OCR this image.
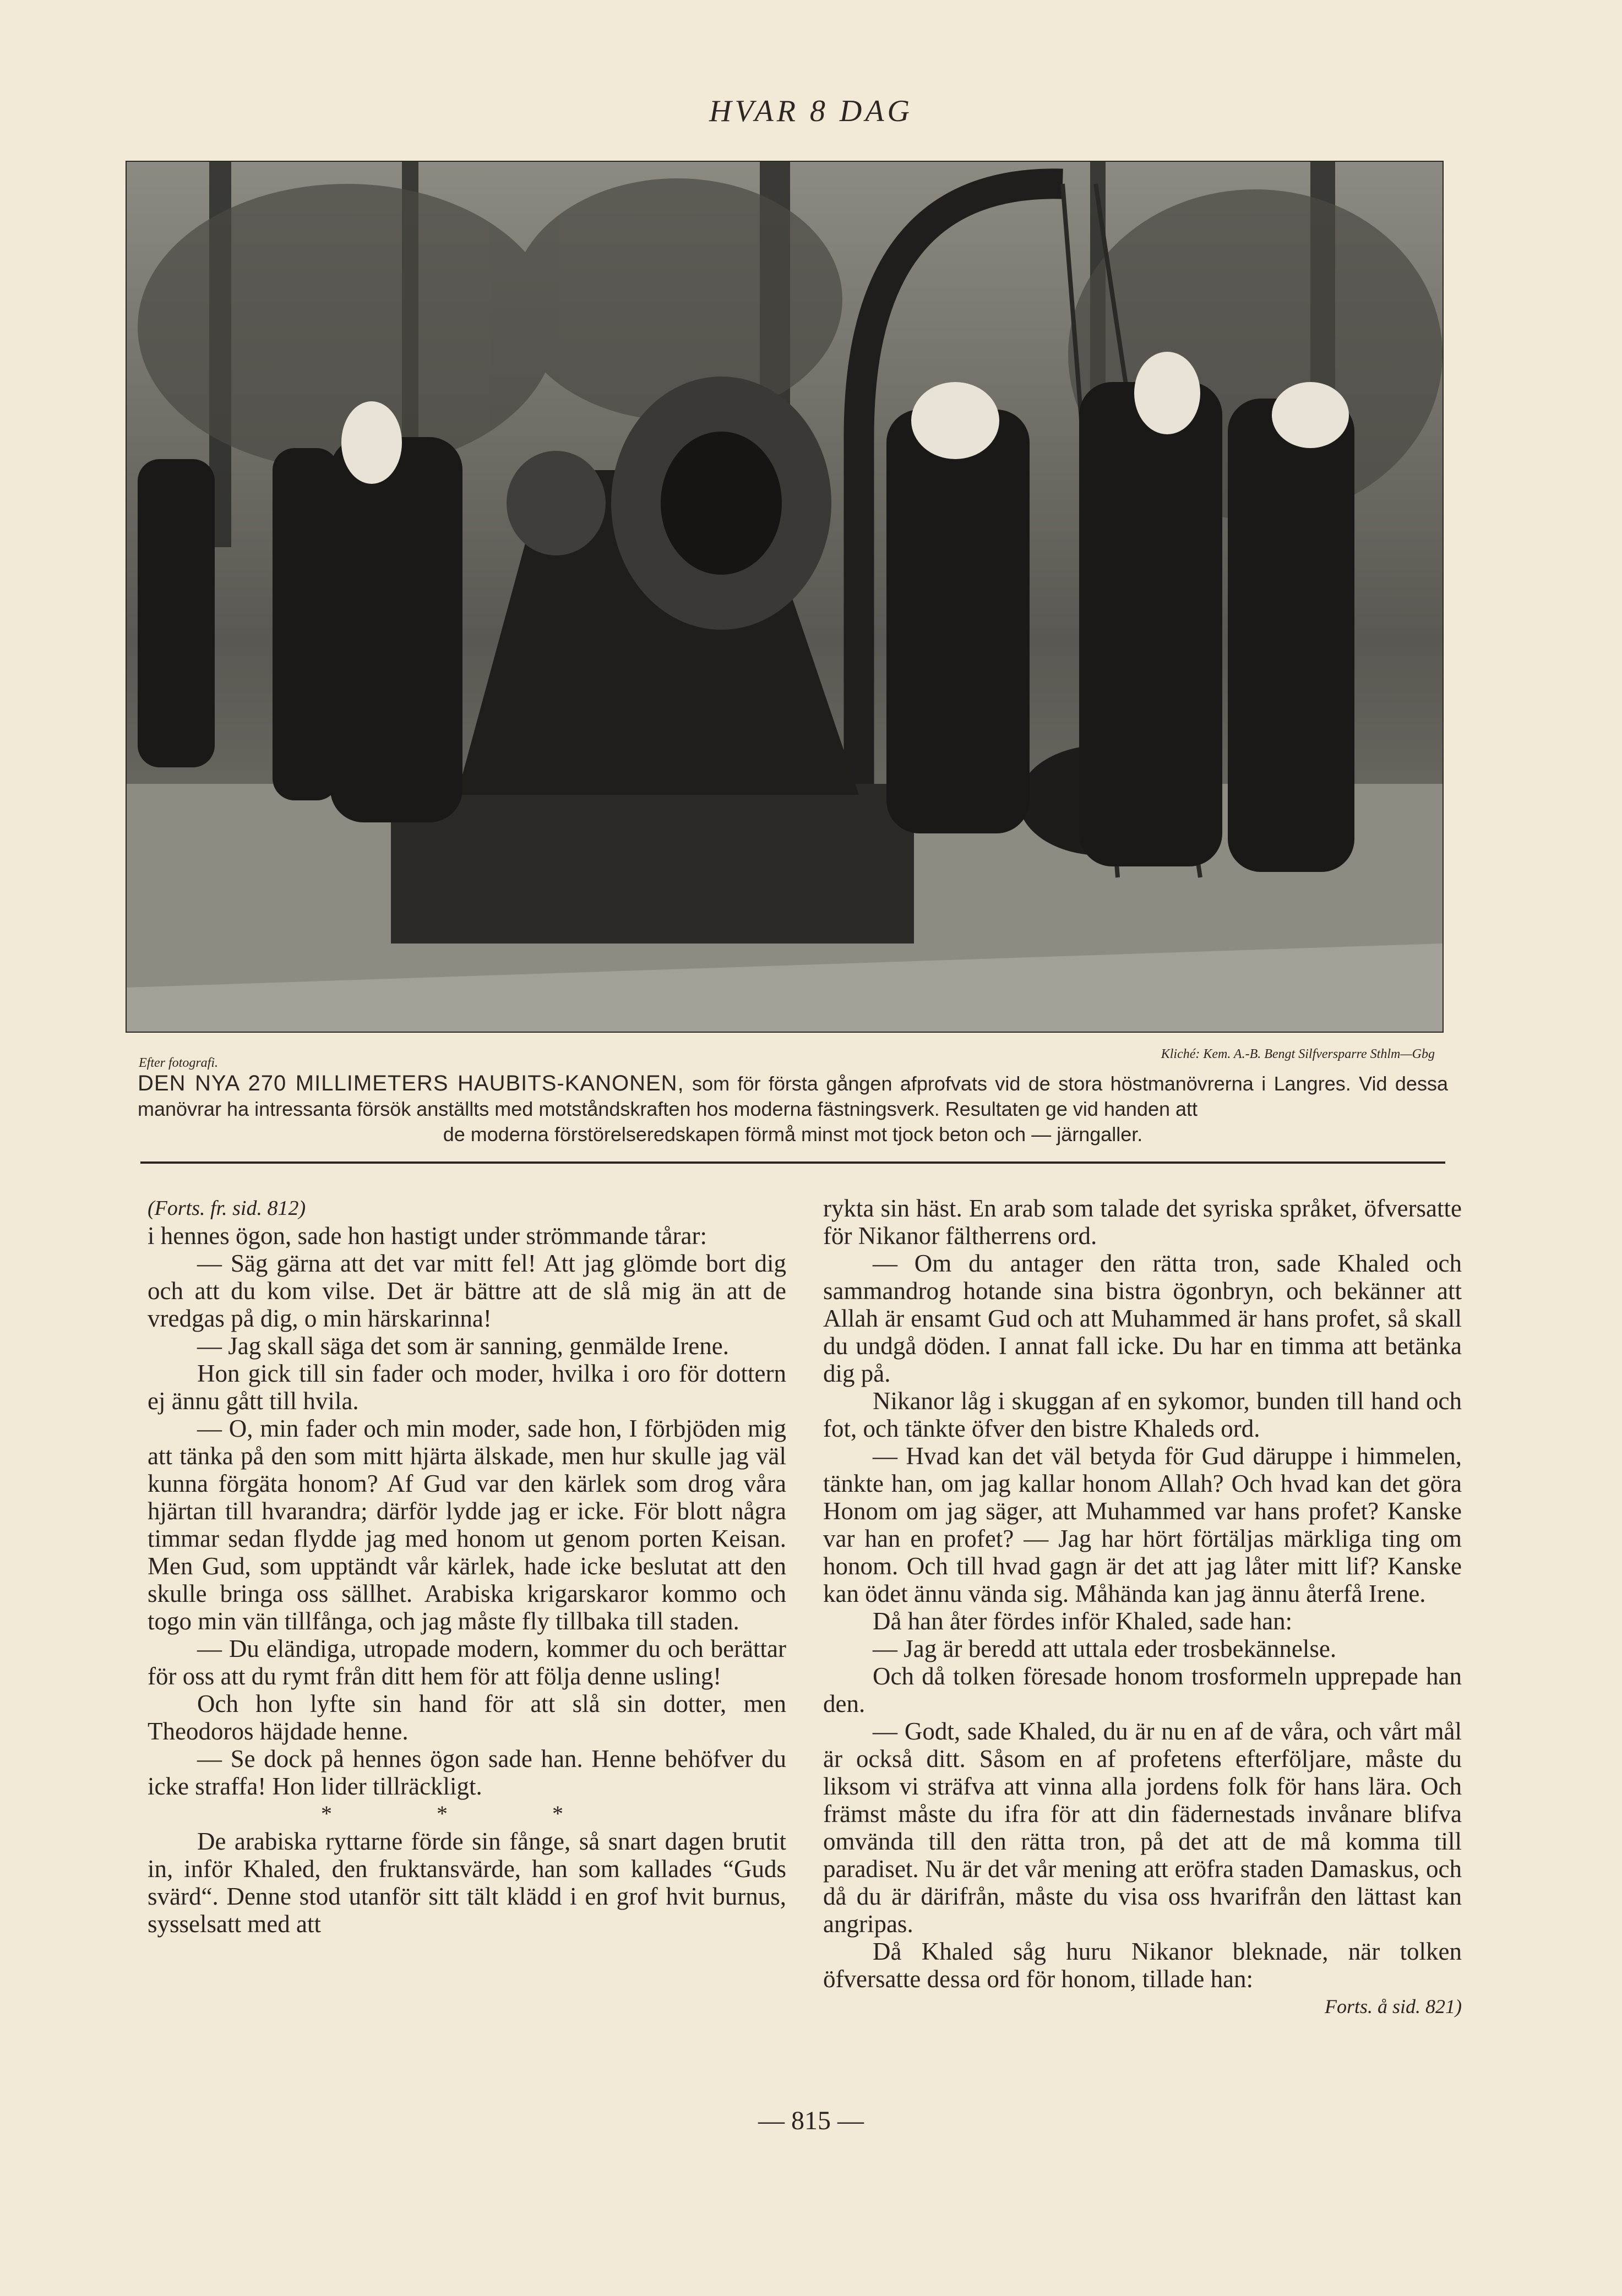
HVAR 8 DAG
Efter fotografi.
Kliché: Kem. A.-B. Bengt Silfversparre Sthlm—Gbg
DEN NYA 270 MILLIMETERS HAUBITS-KANONEN, som för första gången afprofvats vid de stora höstmanövrerna i Langres. Vid dessa manövrar ha intressanta försök anställts med motståndskraften hos moderna fästningsverk. Resultaten ge vid handen att
de moderna förstörelseredskapen förmå minst mot tjock beton och — järngaller.

(Forts. fr. sid. 812)

i hennes ögon, sade hon hastigt under strömmande tårar:

— Säg gärna att det var mitt fel! Att jag glömde bort dig och att du kom vilse. Det är bättre att de slå mig än att de vredgas på dig, o min härskarinna!

— Jag skall säga det som är sanning, genmälde Irene.

Hon gick till sin fader och moder, hvilka i oro för dottern ej ännu gått till hvila.

— O, min fader och min moder, sade hon, I förbjöden mig att tänka på den som mitt hjärta älskade, men hur skulle jag väl kunna förgäta honom? Af Gud var den kärlek som drog våra hjärtan till hvarandra; därför lydde jag er icke. För blott några timmar sedan flydde jag med honom ut genom porten Keisan. Men Gud, som upptändt vår kärlek, hade icke beslutat att den skulle bringa oss sällhet. Arabiska krigarskaror kommo och togo min vän tillfånga, och jag måste fly tillbaka till staden.

— Du eländiga, utropade modern, kommer du och berättar för oss att du rymt från ditt hem för att följa denne usling!

Och hon lyfte sin hand för att slå sin dotter, men Theodoros häjdade henne.

— Se dock på hennes ögon sade han. Henne behöfver du icke straffa! Hon lider tillräckligt.

* * *

De arabiska ryttarne förde sin fånge, så snart dagen brutit in, inför Khaled, den fruktansvärde, han som kallades “Guds svärd“. Denne stod utanför sitt tält klädd i en grof hvit burnus, sysselsatt med att

rykta sin häst. En arab som talade det syriska språket, öfversatte för Nikanor fältherrens ord.

— Om du antager den rätta tron, sade Khaled och sammandrog hotande sina bistra ögonbryn, och bekänner att Allah är ensamt Gud och att Muhammed är hans profet, så skall du undgå döden. I annat fall icke. Du har en timma att betänka dig på.

Nikanor låg i skuggan af en sykomor, bunden till hand och fot, och tänkte öfver den bistre Khaleds ord.

— Hvad kan det väl betyda för Gud däruppe i himmelen, tänkte han, om jag kallar honom Allah? Och hvad kan det göra Honom om jag säger, att Muhammed var hans profet? Kanske var han en profet? — Jag har hört förtäljas märkliga ting om honom. Och till hvad gagn är det att jag låter mitt lif? Kanske kan ödet ännu vända sig. Måhända kan jag ännu återfå Irene.

Då han åter fördes inför Khaled, sade han:

— Jag är beredd att uttala eder trosbekännelse.

Och då tolken föresade honom trosformeln upprepade han den.

— Godt, sade Khaled, du är nu en af de våra, och vårt mål är också ditt. Såsom en af profetens efterföljare, måste du liksom vi sträfva att vinna alla jordens folk för hans lära. Och främst måste du ifra för att din fädernestads invånare blifva omvända till den rätta tron, på det att de må komma till paradiset. Nu är det vår mening att eröfra staden Damaskus, och då du är därifrån, måste du visa oss hvarifrån den lättast kan angripas.

Då Khaled såg huru Nikanor bleknade, när tolken öfversatte dessa ord för honom, tillade han:

Forts. å sid. 821)

— 815 —
